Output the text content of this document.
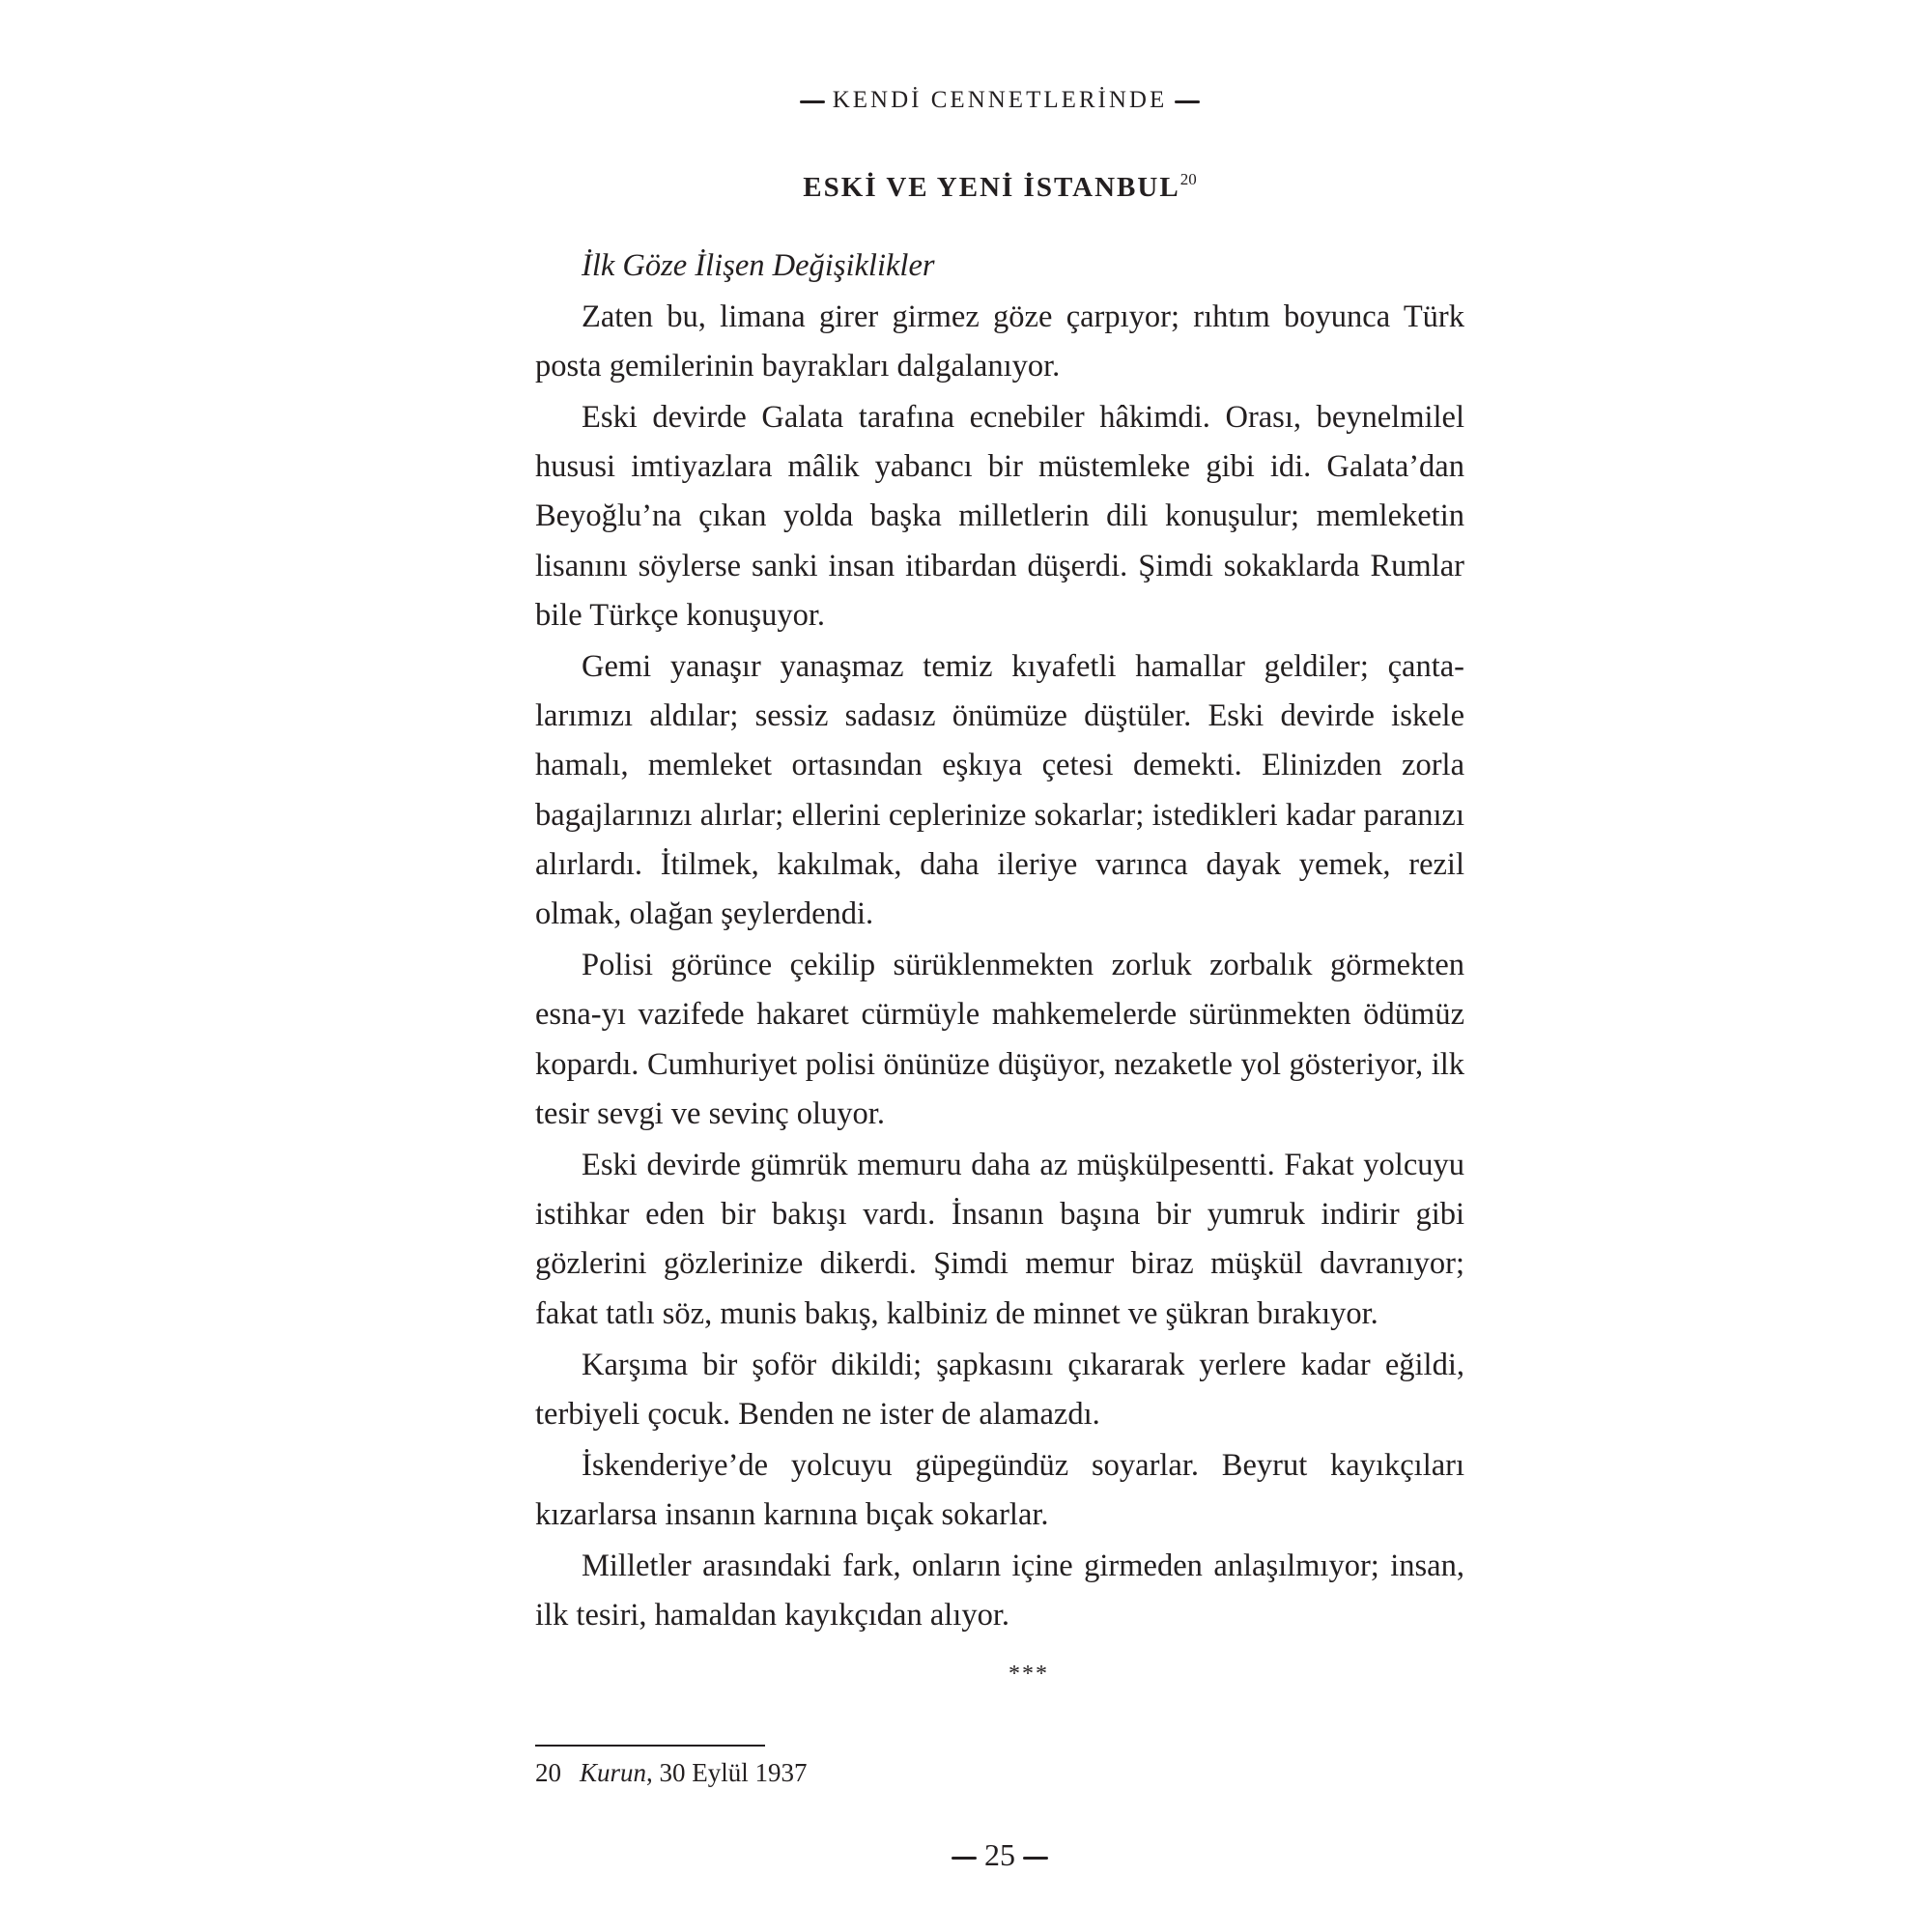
KENDİ CENNETLERİNDE
ESKİ VE YENİ İSTANBUL$^{20}$

İlk Göze İlişen Değişiklikler

Zaten bu, limana girer girmez göze çarpıyor; rıhtım boyunca Türk posta gemilerinin bayrakları dalgalanıyor.

Eski devirde Galata tarafına ecnebiler hâkimdi. Orası, beynelmilel hususi imtiyazlara mâlik yabancı bir müstemleke gibi idi. Galata’dan Beyoğlu’na çıkan yolda başka milletlerin dili konuşulur; memleketin lisanını söylerse sanki insan itibardan düşerdi. Şimdi sokaklarda Rumlar bile Türkçe konuşuyor.

Gemi yanaşır yanaşmaz temiz kıyafetli hamallar geldiler; çantalarımızı aldılar; sessiz sadasız önümüze düştüler. Eski devirde iskele hamalı, memleket ortasından eşkıya çetesi demekti. Elinizden zorla bagajlarınızı alırlar; ellerini ceplerinize sokarlar; istedikleri kadar paranızı alırlardı. İtilmek, kakılmak, daha ileriye varınca dayak yemek, rezil olmak, olağan şeylerdendi.

Polisi görünce çekilip sürüklenmekten zorluk zorbalık görmekten esna-yı vazifede hakaret cürmüyle mahkemelerde sürünmekten ödümüz kopardı. Cumhuriyet polisi önünüze düşüyor, nezaketle yol gösteriyor, ilk tesir sevgi ve sevinç oluyor.

Eski devirde gümrük memuru daha az müşkülpesentti. Fakat yolcuyu istihkar eden bir bakışı vardı. İnsanın başına bir yumruk indirir gibi gözlerini gözlerinize dikerdi. Şimdi memur biraz müşkül davranıyor; fakat tatlı söz, munis bakış, kalbiniz de minnet ve şükran bırakıyor.

Karşıma bir şoför dikildi; şapkasını çıkararak yerlere kadar eğildi, terbiyeli çocuk. Benden ne ister de alamazdı.

İskenderiye’de yolcuyu güpegündüz soyarlar. Beyrut kayıkçıları kızarlarsa insanın karnına bıçak sokarlar.

Milletler arasındaki fark, onların içine girmeden anlaşılmıyor; insan, ilk tesiri, hamaldan kayıkçıdan alıyor.

***
20 Kurun, 30 Eylül 1937
25
